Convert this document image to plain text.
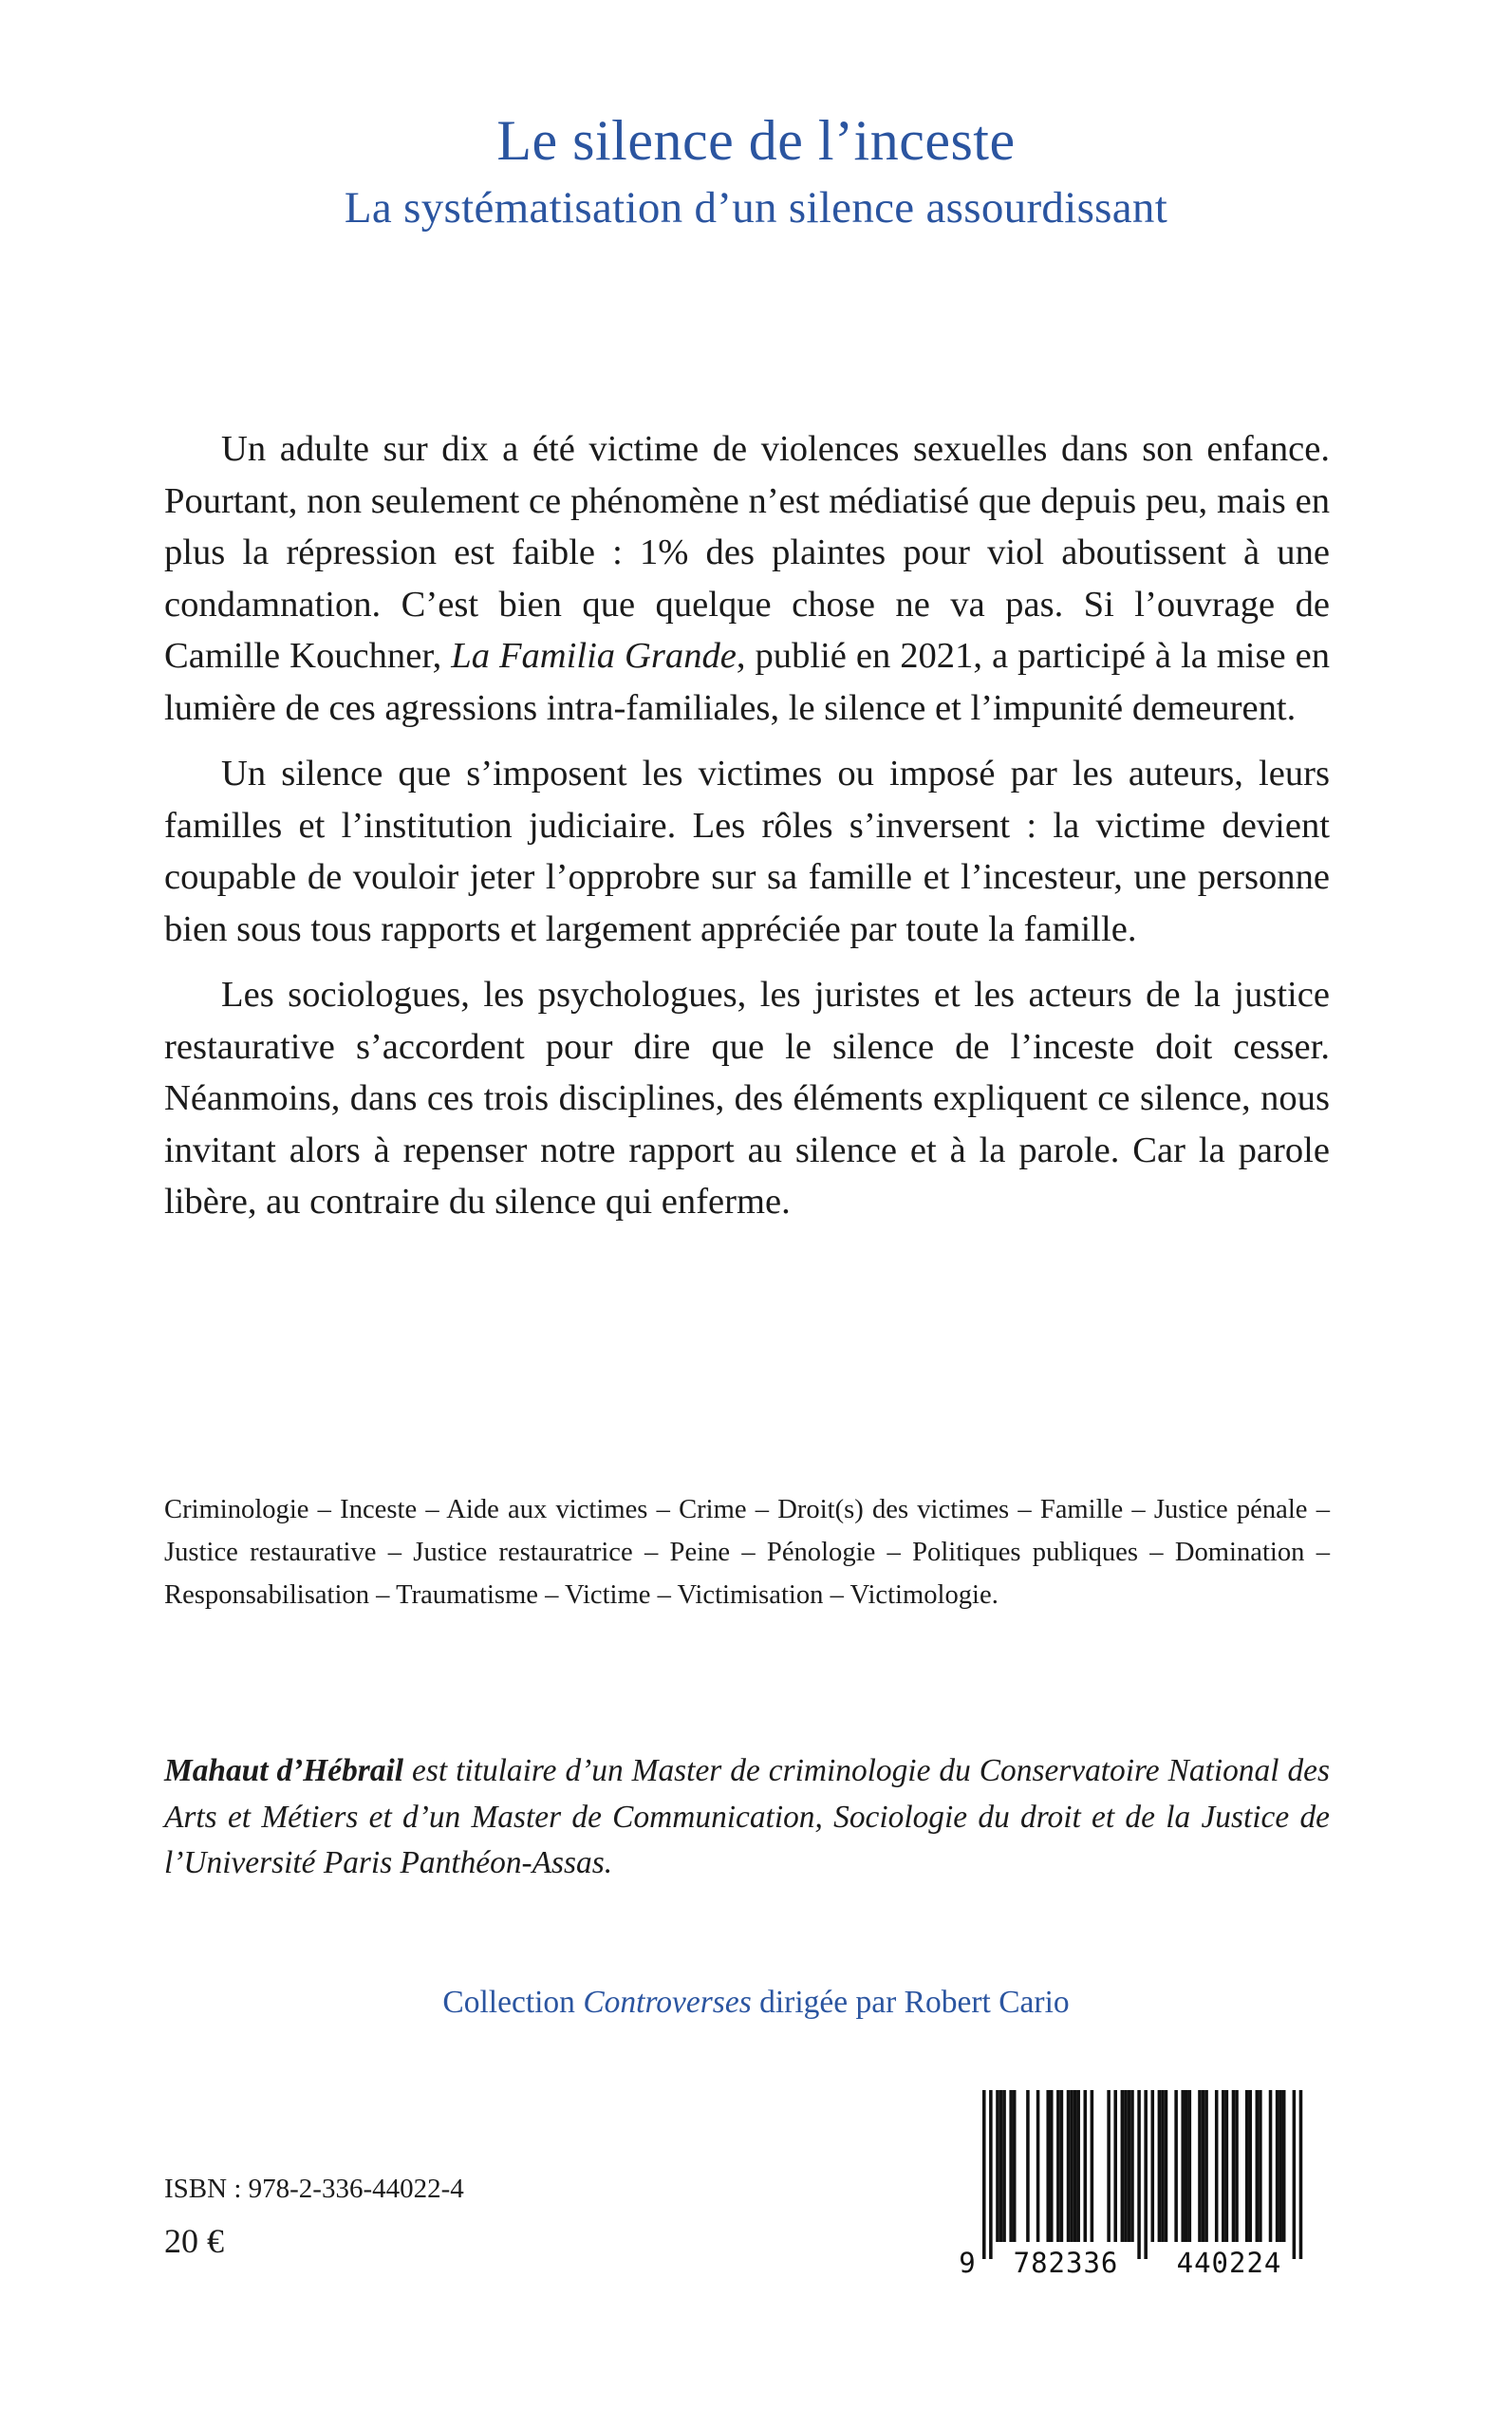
Le silence de l’inceste
La systématisation d’un silence assourdissant

Un adulte sur dix a été victime de violences sexuelles dans son enfance. Pourtant, non seulement ce phénomène n’est médiatisé que depuis peu, mais en plus la répression est faible : 1% des plaintes pour viol aboutissent à une condamnation. C’est bien que quelque chose ne va pas. Si l’ouvrage de Camille Kouchner, La Familia Grande, publié en 2021, a participé à la mise en lumière de ces agressions intra-familiales, le silence et l’impunité demeurent.

Un silence que s’imposent les victimes ou imposé par les auteurs, leurs familles et l’institution judiciaire. Les rôles s’inversent : la victime devient coupable de vouloir jeter l’opprobre sur sa famille et l’incesteur, une personne bien sous tous rapports et largement appréciée par toute la famille.

Les sociologues, les psychologues, les juristes et les acteurs de la justice restaurative s’accordent pour dire que le silence de l’inceste doit cesser. Néanmoins, dans ces trois disciplines, des éléments expliquent ce silence, nous invitant alors à repenser notre rapport au silence et à la parole. Car la parole libère, au contraire du silence qui enferme.

Criminologie – Inceste – Aide aux victimes – Crime – Droit(s) des victimes – Famille – Justice pénale – Justice restaurative – Justice restauratrice – Peine – Pénologie – Politiques publiques – Domination – Responsabilisation – Traumatisme – Victime – Victimisation – Victimologie.
Mahaut d’Hébrail est titulaire d’un Master de criminologie du Conservatoire National des Arts et Métiers et d’un Master de Communication, Sociologie du droit et de la Justice de l’Université Paris Panthéon-Assas.
Collection Controverses dirigée par Robert Cario
ISBN : 978-2-336-44022-4
20 €
9 782336 440224
